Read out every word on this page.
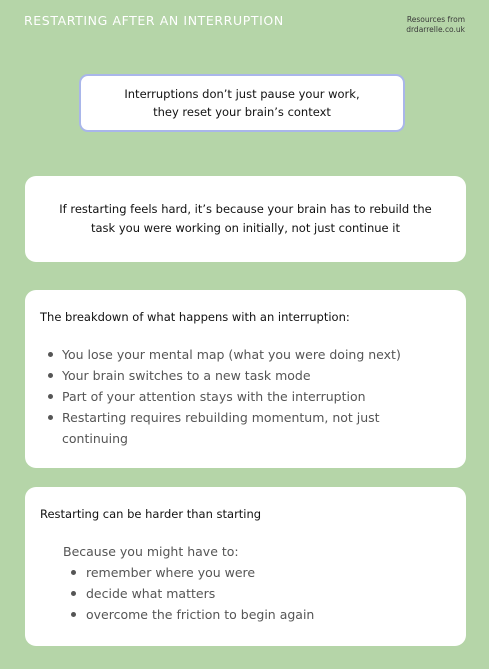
RESTARTING AFTER AN INTERRUPTION	Resources from
drdarrelle.co.uk
Interruptions don’t just pause your work,
they reset your brain’s context
If restarting feels hard, it’s because your brain has to rebuild the
task you were working on initially, not just continue it
The breakdown of what happens with an interruption:
You lose your mental map (what you were doing next)
Your brain switches to a new task mode
Part of your attention stays with the interruption
Restarting requires rebuilding momentum, not just
continuing
Restarting can be harder than starting
Because you might have to:
remember where you were
decide what matters
overcome the friction to begin again
